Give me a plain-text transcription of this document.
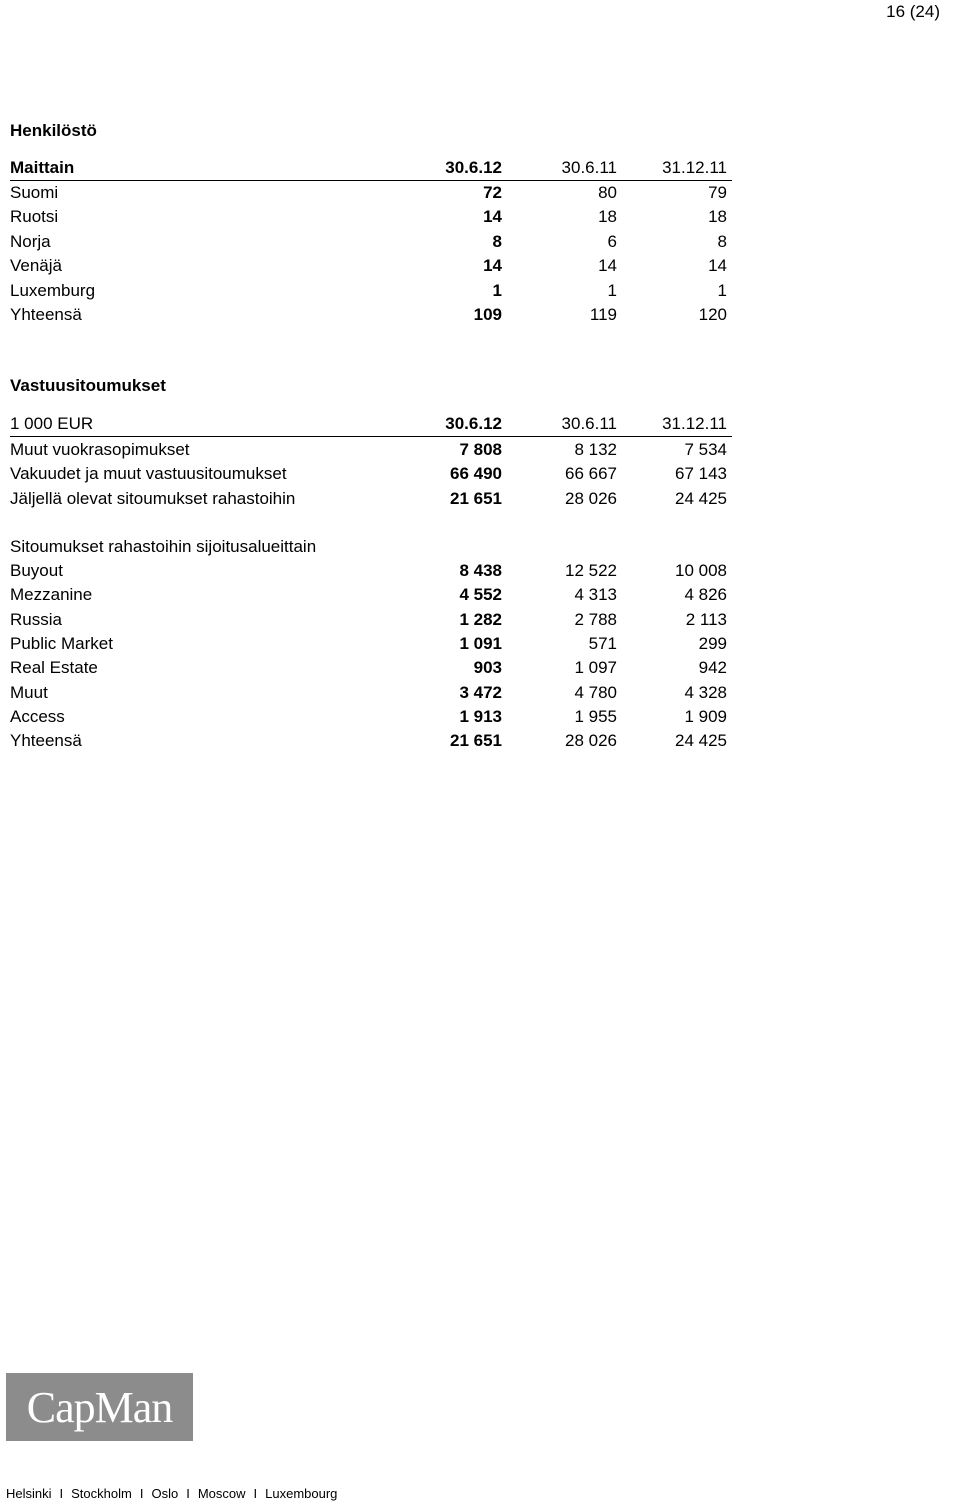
16 (24)
Henkilöstö
Maittain	30.6.12	30.6.11	31.12.11
Suomi	72	80	79
Ruotsi	14	18	18
Norja	8	6	8
Venäjä	14	14	14
Luxemburg	1	1	1
Yhteensä	109	119	120
Vastuusitoumukset
1 000 EUR	30.6.12	30.6.11	31.12.11
Muut vuokrasopimukset	7 808	8 132	7 534
Vakuudet ja muut vastuusitoumukset	66 490	66 667	67 143
Jäljellä olevat sitoumukset rahastoihin	21 651	28 026	24 425
Sitoumukset rahastoihin sijoitusalueittain
Buyout	8 438	12 522	10 008
Mezzanine	4 552	4 313	4 826
Russia	1 282	2 788	2 113
Public Market	1 091	571	299
Real Estate	903	1 097	942
Muut	3 472	4 780	4 328
Access	1 913	1 955	1 909
Yhteensä	21 651	28 026	24 425
CapMan
Helsinki I Stockholm I Oslo I Moscow I Luxembourg
